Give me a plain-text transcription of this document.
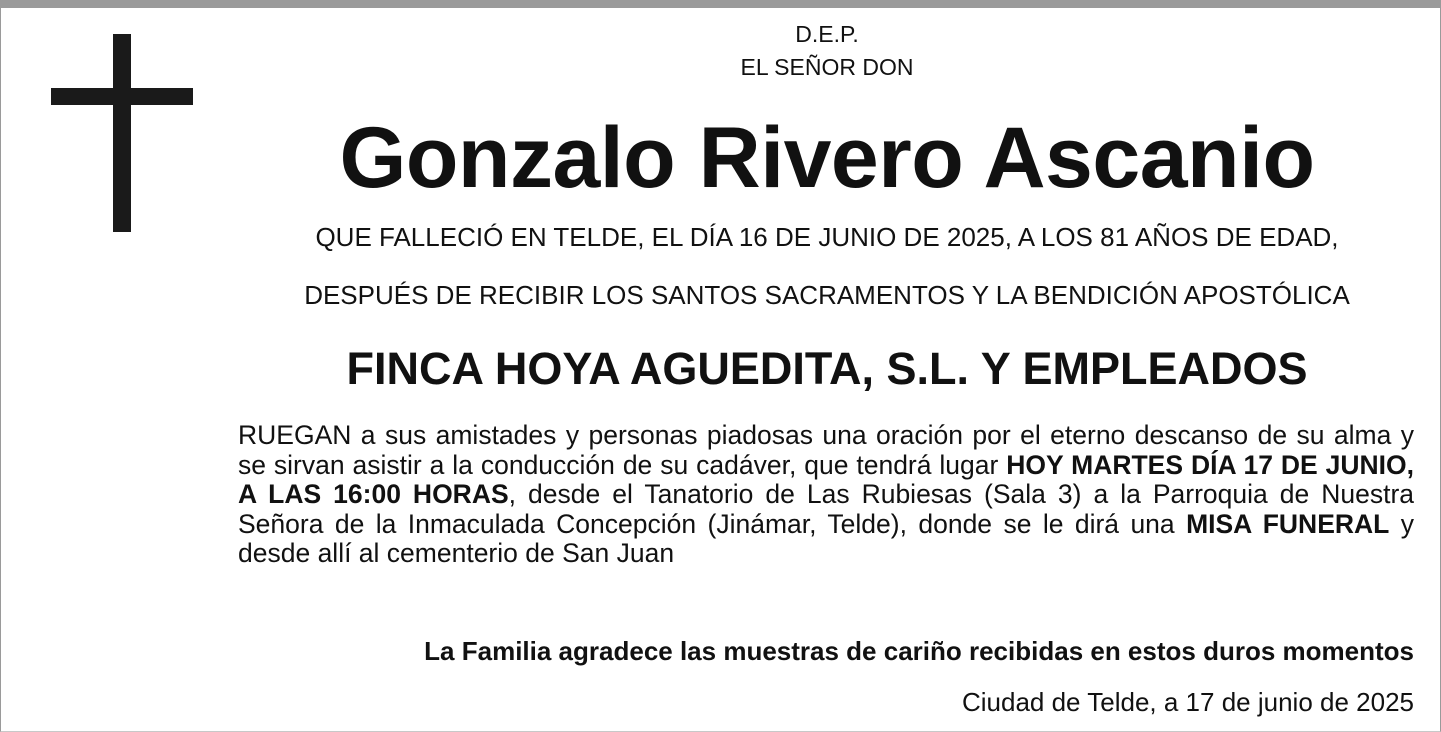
D.E.P.
EL SEÑOR DON
Gonzalo Rivero Ascanio
QUE FALLECIÓ EN TELDE, EL DÍA 16 DE JUNIO DE 2025, A LOS 81 AÑOS DE EDAD,
DESPUÉS DE RECIBIR LOS SANTOS SACRAMENTOS Y LA BENDICIÓN APOSTÓLICA
FINCA HOYA AGUEDITA, S.L. Y EMPLEADOS
RUEGAN a sus amistades y personas piadosas una oración por el eterno descanso de su alma y se sirvan asistir a la conducción de su cadáver, que tendrá lugar HOY MARTES DÍA 17 DE JUNIO, A LAS 16:00 HORAS, desde el Tanatorio de Las Rubiesas (Sala 3) a la Parroquia de Nuestra Señora de la Inmaculada Concepción (Jinámar, Telde), donde se le dirá una MISA FUNERAL y desde allí al cementerio de San Juan
La Familia agradece las muestras de cariño recibidas en estos duros momentos
Ciudad de Telde, a 17 de junio de 2025
